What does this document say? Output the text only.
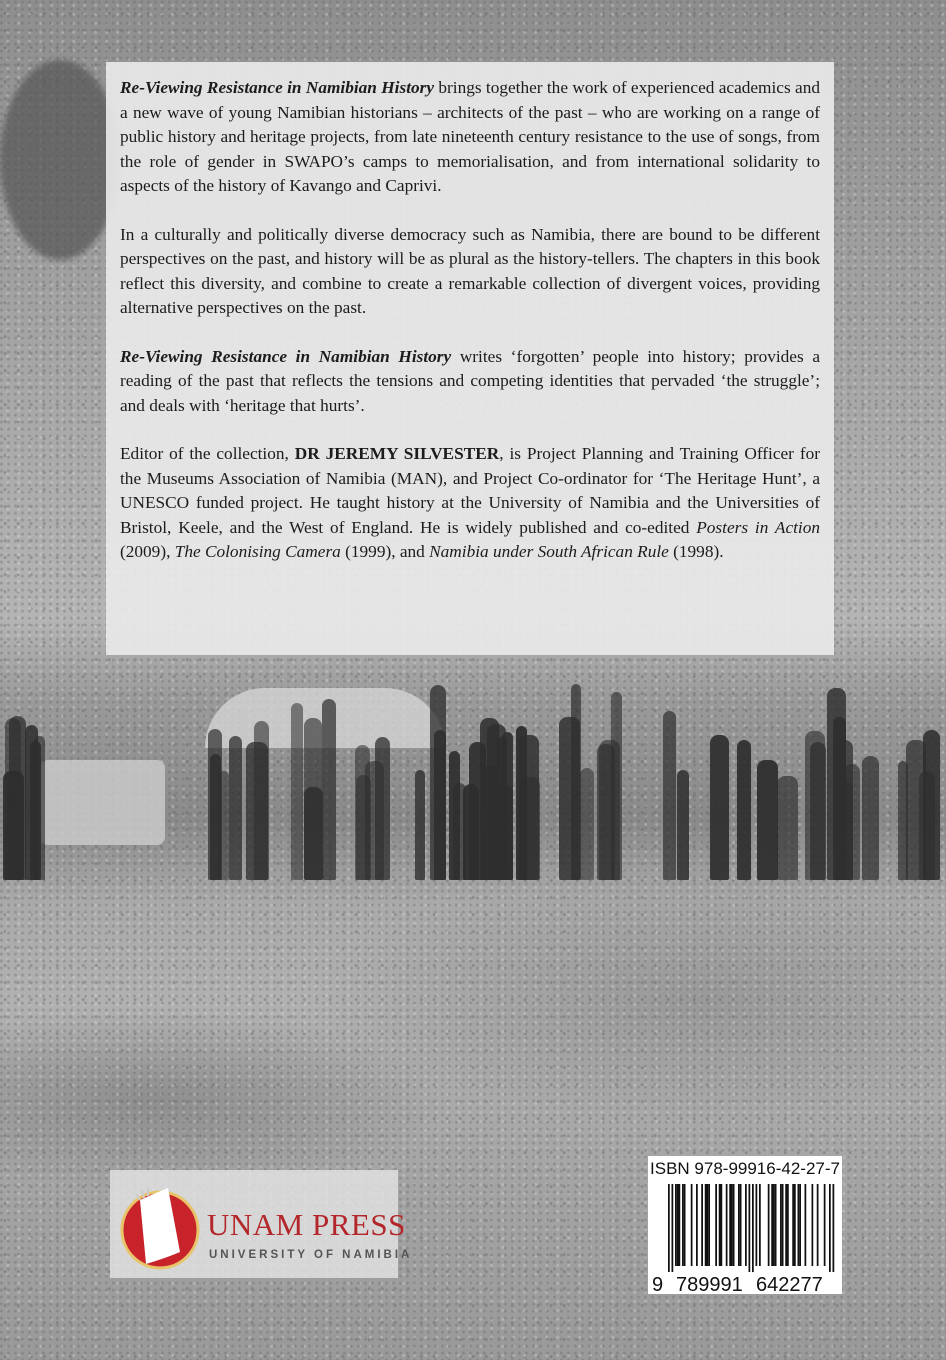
Re-Viewing Resistance in Namibian History brings together the work of experienced academics and a new wave of young Namibian historians – architects of the past – who are working on a range of public history and heritage projects, from late nineteenth century resistance to the use of songs, from the role of gender in SWAPO’s camps to memorialisation, and from international solidarity to aspects of the history of Kavango and Caprivi.

In a culturally and politically diverse democracy such as Namibia, there are bound to be different perspectives on the past, and history will be as plural as the history-tellers. The chapters in this book reflect this diversity, and combine to create a remarkable collection of divergent voices, providing alternative perspectives on the past.

Re-Viewing Resistance in Namibian History writes ‘forgotten’ people into history; provides a reading of the past that reflects the tensions and competing identities that pervaded ‘the struggle’; and deals with ‘heritage that hurts’.

Editor of the collection, DR JEREMY SILVESTER, is Project Planning and Training Officer for the Museums Association of Namibia (MAN), and Project Co-ordinator for ‘The Heritage Hunt’, a UNESCO funded project. He taught history at the University of Namibia and the Universities of Bristol, Keele, and the West of England. He is widely published and co-edited Posters in Action (2009), The Colonising Camera (1999), and Namibia under South African Rule (1998).

UNAM PRESS
UNIVERSITY OF NAMIBIA
ISBN 978-99916-42-27-7
9 789991 642277
